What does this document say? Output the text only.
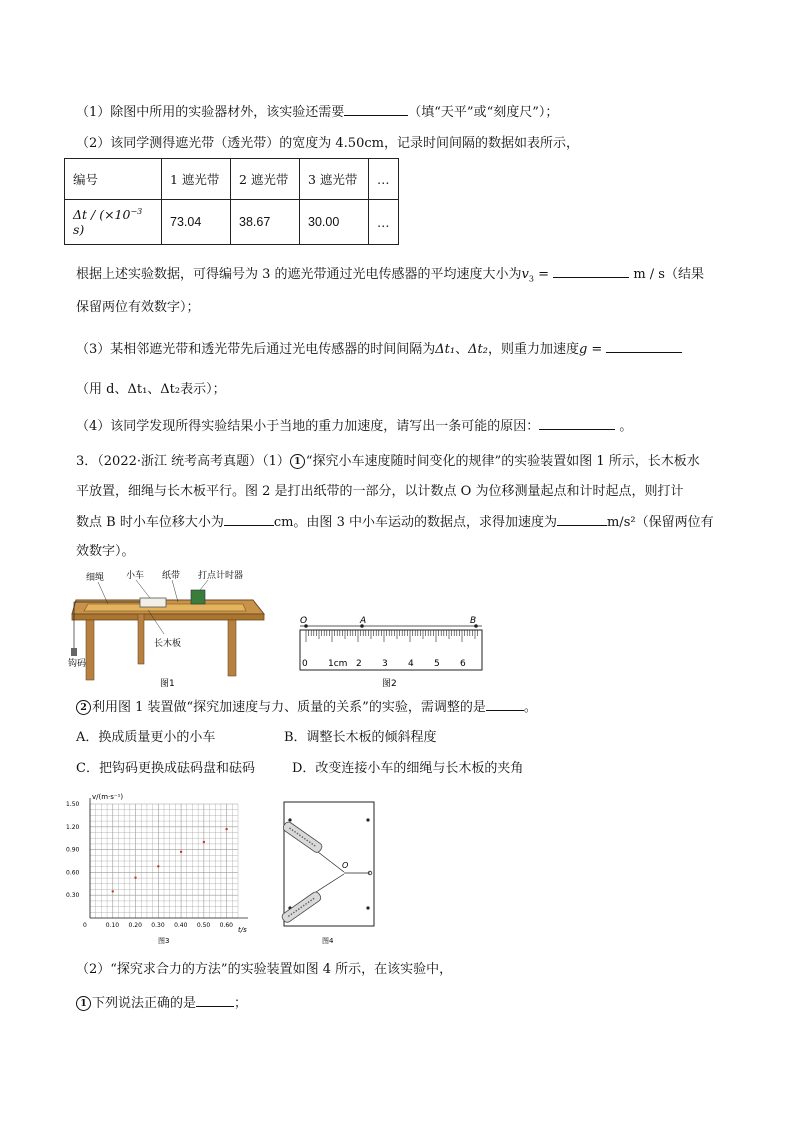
（1）除图中所用的实验器材外，该实验还需要	（填“天平”或“刻度尺”）；
（2）该同学测得遮光带（透光带）的宽度为 4.50cm，记录时间间隔的数据如表所示，
编号	1 遮光带	2 遮光带	3 遮光带	…
$\Delta t / (\times 10^{-3}$ s)	73.04	38.67	30.00	…
根据上述实验数据，可得编号为 3 的遮光带通过光电传感器的平均速度大小为$v_3$ =	m / s（结果
保留两位有效数字）；
（3）某相邻遮光带和透光带先后通过光电传感器的时间间隔为Δt₁、Δt₂，则重力加速度g =
（用 d、Δt₁、Δt₂表示）；
（4）该同学发现所得实验结果小于当地的重力加速度，请写出一条可能的原因：	。
3．（2022·浙江 统考高考真题）（1） 1 “探究小车速度随时间变化的规律”的实验装置如图 1 所示，长木板水
平放置，细绳与长木板平行。图 2 是打出纸带的一部分，以计数点 O 为位移测量起点和计时起点，则打计
数点 B 时小车位移大小为	cm。由图 3 中小车运动的数据点，求得加速度为	m/s²（保留两位有
效数字）。
细绳 小车 纸带 打点计时器
长木板
钩码
图1
O	A	B
0 1cm 2 3 4 5 6
图2
2 利用图 1 装置做“探究加速度与力、质量的关系”的实验，需调整的是	。
A．换成质量更小的小车	B．调整长木板的倾斜程度
C．把钩码更换成砝码盘和砝码	D．改变连接小车的细绳与长木板的夹角
0	0.10 0.20 0.30 0.40 0.50 0.60
0.30
0.60
0.90
1.20
1.50
v/(m·s⁻¹)
t/s
图3
O
图4
（2）“探究求合力的方法”的实验装置如图 4 所示，在该实验中，
1 下列说法正确的是	；
